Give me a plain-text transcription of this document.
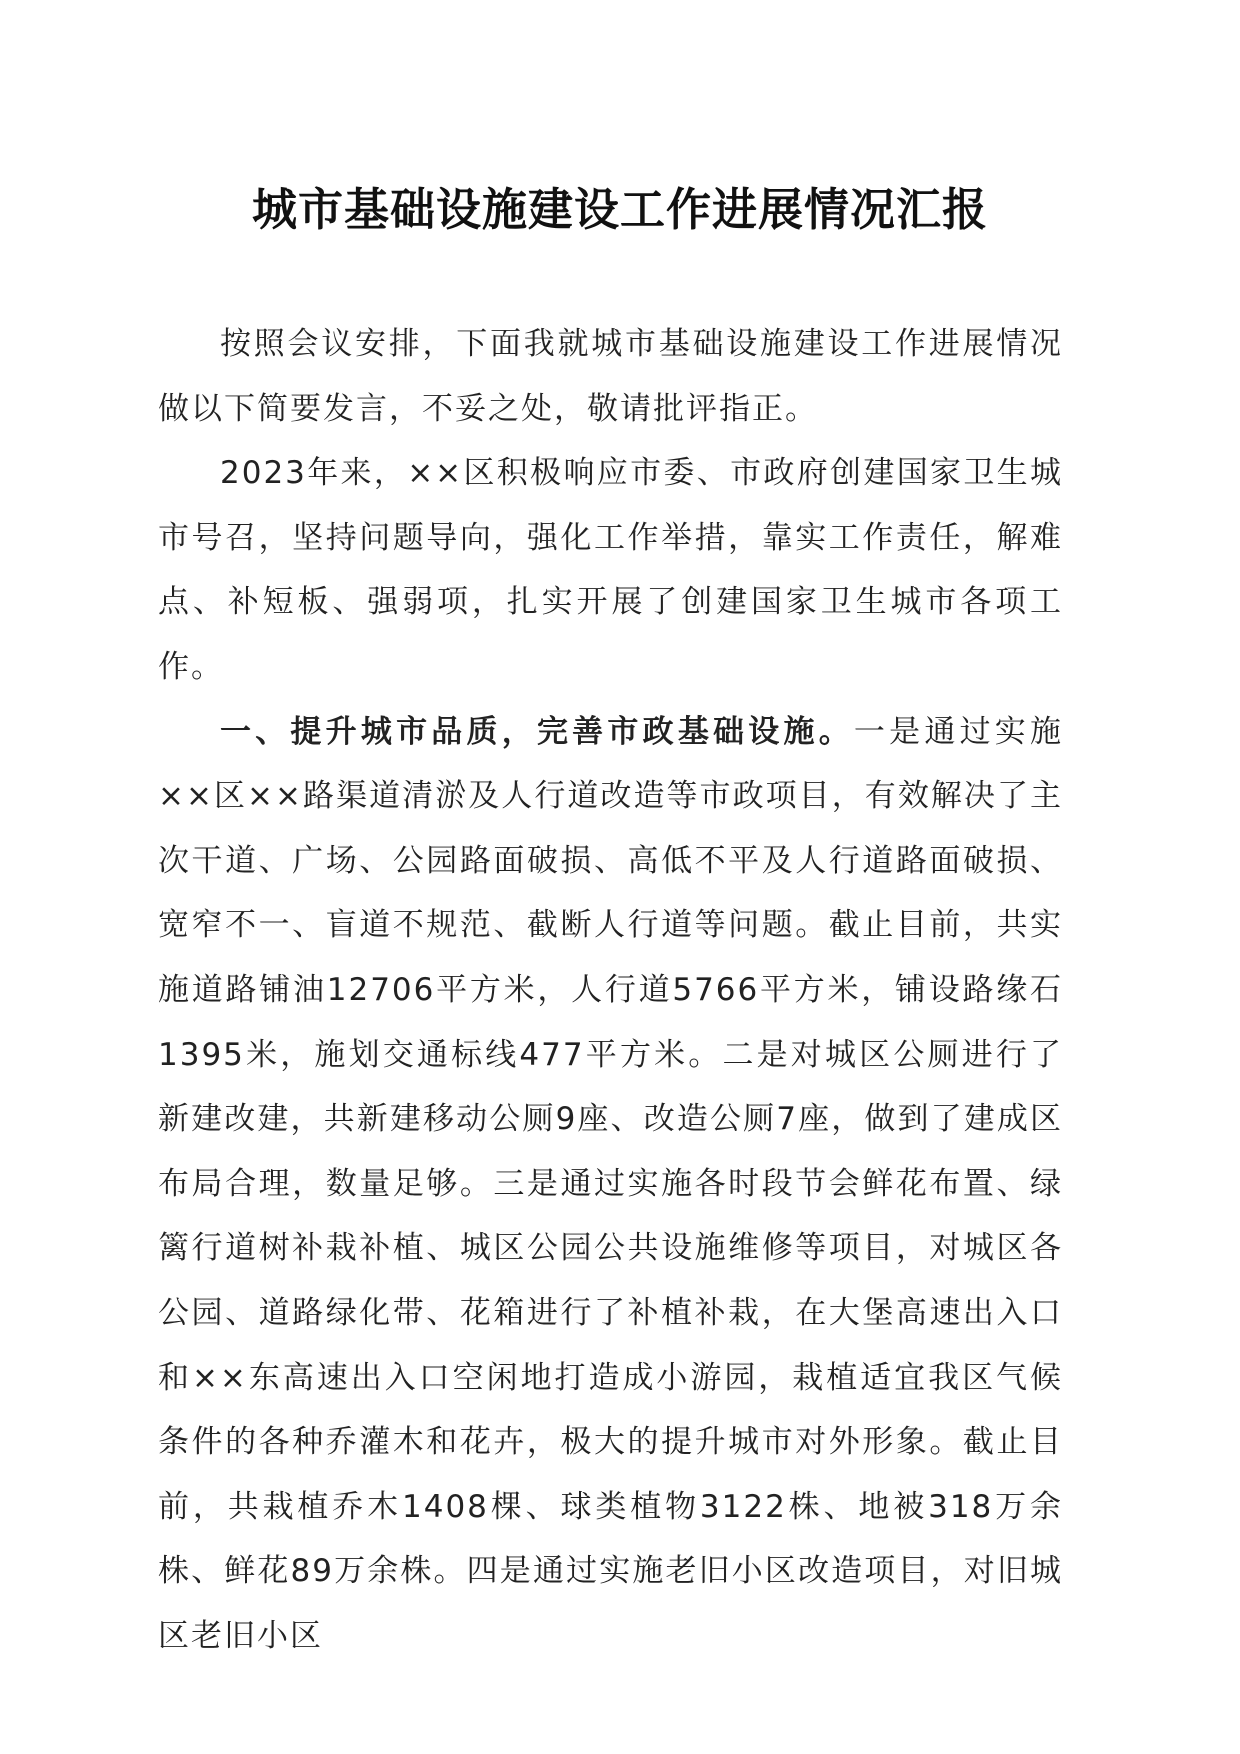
城市基础设施建设工作进展情况汇报

按照会议安排，下面我就城市基础设施建设工作进展情况做以下简要发言，不妥之处，敬请批评指正。

2023年来，××区积极响应市委、市政府创建国家卫生城市号召，坚持问题导向，强化工作举措，靠实工作责任，解难点、补短板、强弱项，扎实开展了创建国家卫生城市各项工作。

一、提升城市品质，完善市政基础设施。一是通过实施××区××路渠道清淤及人行道改造等市政项目，有效解决了主次干道、广场、公园路面破损、高低不平及人行道路面破损、宽窄不一、盲道不规范、截断人行道等问题。截止目前，共实施道路铺油12706平方米，人行道5766平方米，铺设路缘石1395米，施划交通标线477平方米。二是对城区公厕进行了新建改建，共新建移动公厕9座、改造公厕7座，做到了建成区布局合理，数量足够。三是通过实施各时段节会鲜花布置、绿篱行道树补栽补植、城区公园公共设施维修等项目，对城区各公园、道路绿化带、花箱进行了补植补栽，在大堡高速出入口和××东高速出入口空闲地打造成小游园，栽植适宜我区气候条件的各种乔灌木和花卉，极大的提升城市对外形象。截止目前，共栽植乔木1408棵、球类植物3122株、地被318万余株、鲜花89万余株。四是通过实施老旧小区改造项目，对旧城区老旧小区
